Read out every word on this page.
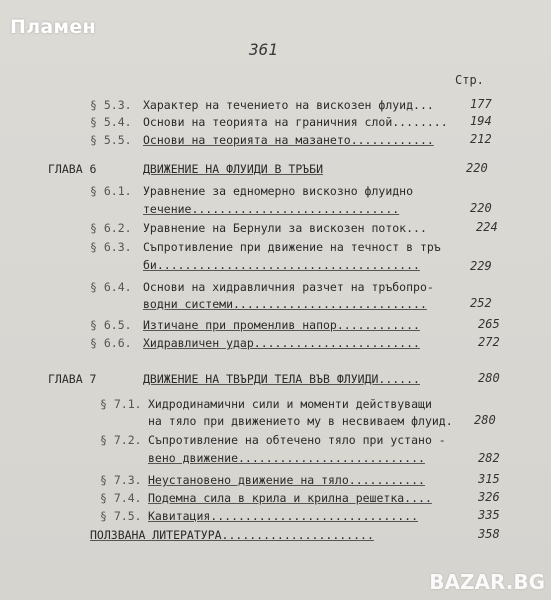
Пламен
361
Стр.
§ 5.3. Характер на течението на вискозен флуид...	177
§ 5.4. Основи на теорията на граничния слой........ 194
§ 5.5. Основи на теорията на мазането............	212
ГЛАВА 6	ДВИЖЕНИЕ НА ФЛУИДИ В ТРЪБИ	220
§ 6.1. Уравнение за едномерно вискозно флуидно
течение..............................	220
§ 6.2. Уравнение на Бернули за вискозен поток...	224
§ 6.3. Съпротивление при движение на течност в тръ
би......................................	229
§ 6.4. Основи на хидравличния разчет на тръбопро-
водни системи............................	252
§ 6.5. Изтичане при променлив напор............	265
§ 6.6. Хидравличен удар........................	272
ГЛАВА 7	ДВИЖЕНИЕ НА ТВЪРДИ ТЕЛА ВЪВ ФЛУИДИ......	280
§ 7.1. Хидродинамични сили и моменти действуващи
на тяло при движението му в несвиваем флуид. 280
§ 7.2. Съпротивление на обтечено тяло при устано -
вено движение...........................	282
§ 7.3. Неустановено движение на тяло...........	315
§ 7.4. Подемна сила в крила и крилна решетка....	326
§ 7.5. Кавитация..............................	335
ПОЛЗВАНА ЛИТЕРАТУРА......................	358
BAZAR.BG
